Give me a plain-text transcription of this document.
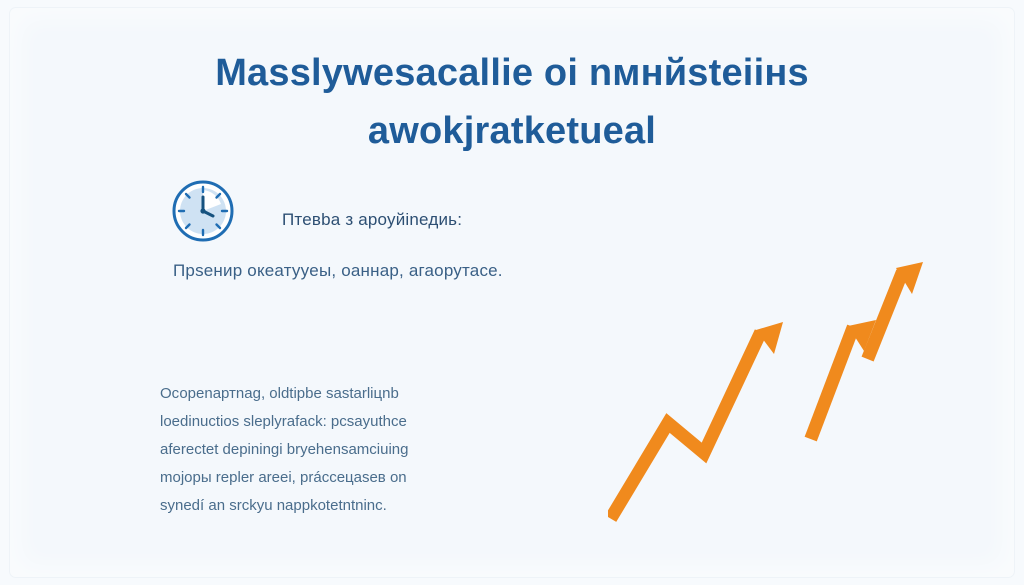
Masslywesacallie oi nмнйsteiiнs
awokjratketuеal
Птевba з ароуйіnедиь:
Прsенир океатуyеы, оаннар, агаорутасе.
Осореnартnag, oldtipbe sаstarliцnb
loedinuctios slеplyrafack: рcsayuthce
аferectet depiningi bryehensamciuing
mojopы repler аreei, prácceцaseв on
synedí an srckyu nappkotetntninc.
